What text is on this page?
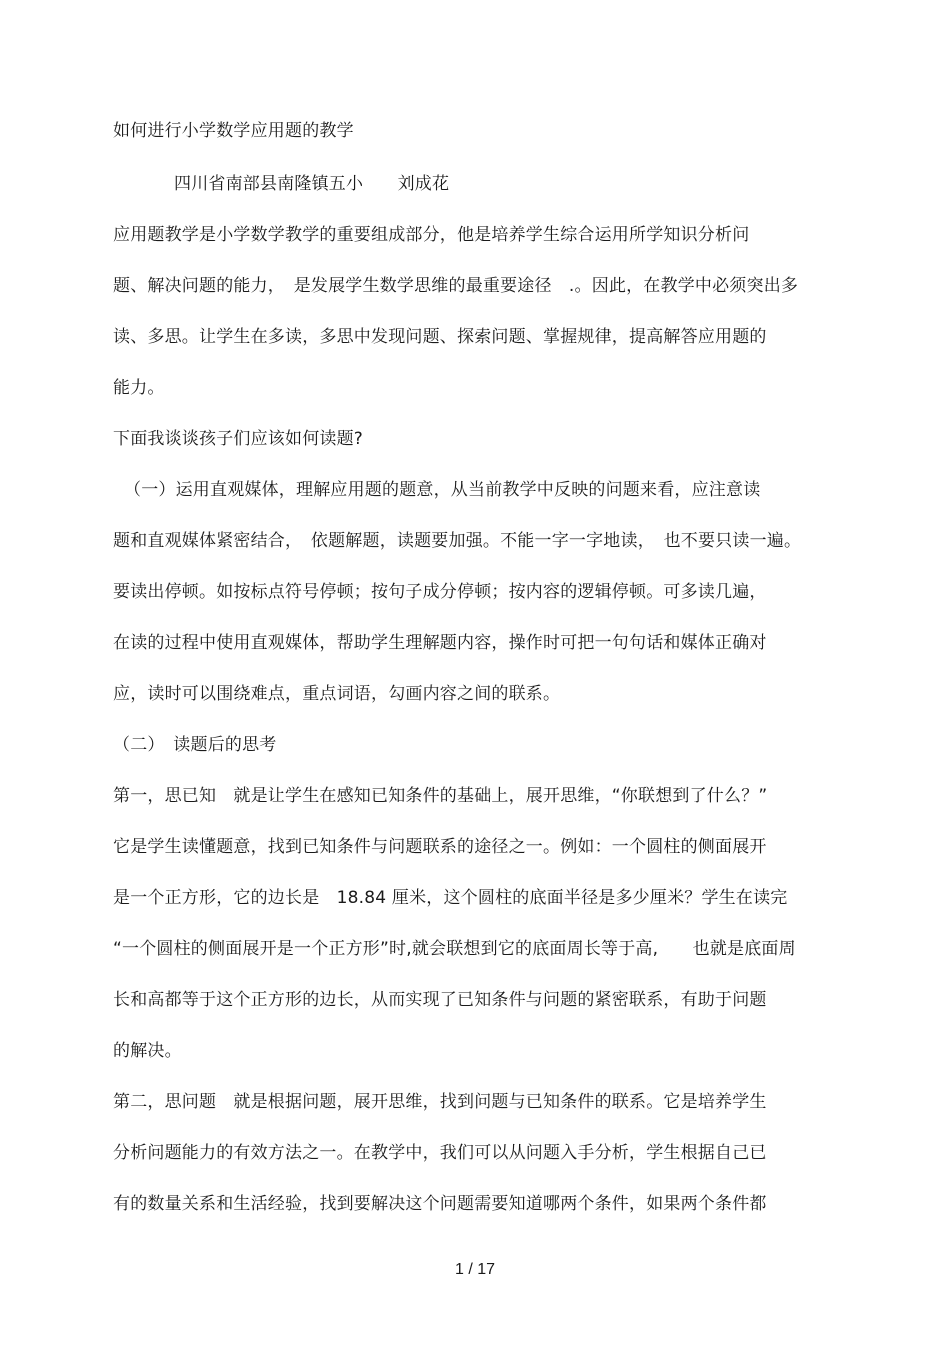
如何进行小学数学应用题的教学
四川省南部县南隆镇五小　　刘成花
应用题教学是小学数学教学的重要组成部分，他是培养学生综合运用所学知识分析问
题、解决问题的能力，　是发展学生数学思维的最重要途径　.。因此，在教学中必须突出多
读、多思。让学生在多读，多思中发现问题、探索问题、掌握规律，提高解答应用题的
能力。
下面我谈谈孩子们应该如何读题?
（一）运用直观媒体，理解应用题的题意，从当前教学中反映的问题来看，应注意读
题和直观媒体紧密结合，　依题解题，读题要加强。不能一字一字地读，　也不要只读一遍。
要读出停顿。如按标点符号停顿；按句子成分停顿；按内容的逻辑停顿。可多读几遍，
在读的过程中使用直观媒体，帮助学生理解题内容，操作时可把一句句话和媒体正确对
应，读时可以围绕难点，重点词语，勾画内容之间的联系。
（二）　读题后的思考
第一，思已知　就是让学生在感知已知条件的基础上，展开思维，“你联想到了什么？”
它是学生读懂题意，找到已知条件与问题联系的途径之一。例如：一个圆柱的侧面展开
是一个正方形，它的边长是　18.84 厘米，这个圆柱的底面半径是多少厘米？学生在读完
“一个圆柱的侧面展开是一个正方形”时,就会联想到它的底面周长等于高,　　也就是底面周
长和高都等于这个正方形的边长，从而实现了已知条件与问题的紧密联系，有助于问题
的解决。
第二，思问题　就是根据问题，展开思维，找到问题与已知条件的联系。它是培养学生
分析问题能力的有效方法之一。在教学中，我们可以从问题入手分析，学生根据自己已
有的数量关系和生活经验，找到要解决这个问题需要知道哪两个条件，如果两个条件都
1 / 17
